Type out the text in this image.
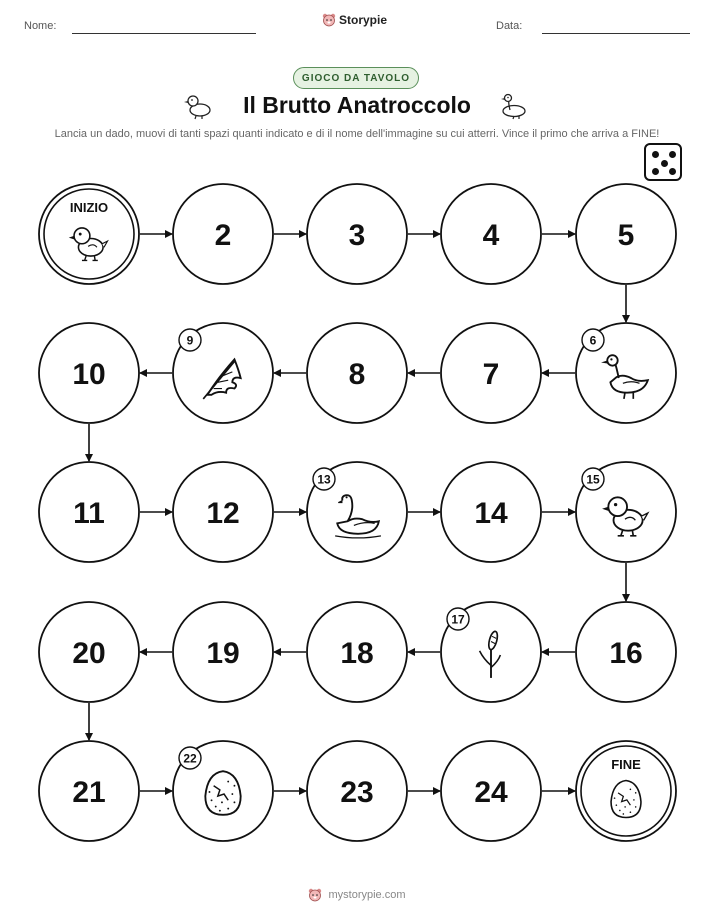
Nome:	Storypie	Data:
GIOCO DA TAVOLO
Il Brutto Anatroccolo
Lancia un dado, muovi di tanti spazi quanti indicato e di il nome dell'immagine su cui atterri. Vince il primo che arriva a FINE!
INIZIO
2	3	4	5
10
9
8	7
6
11	12
13
14
15
20	19	18
17
16
21
22
23	24
FINE
mystorypie.com
